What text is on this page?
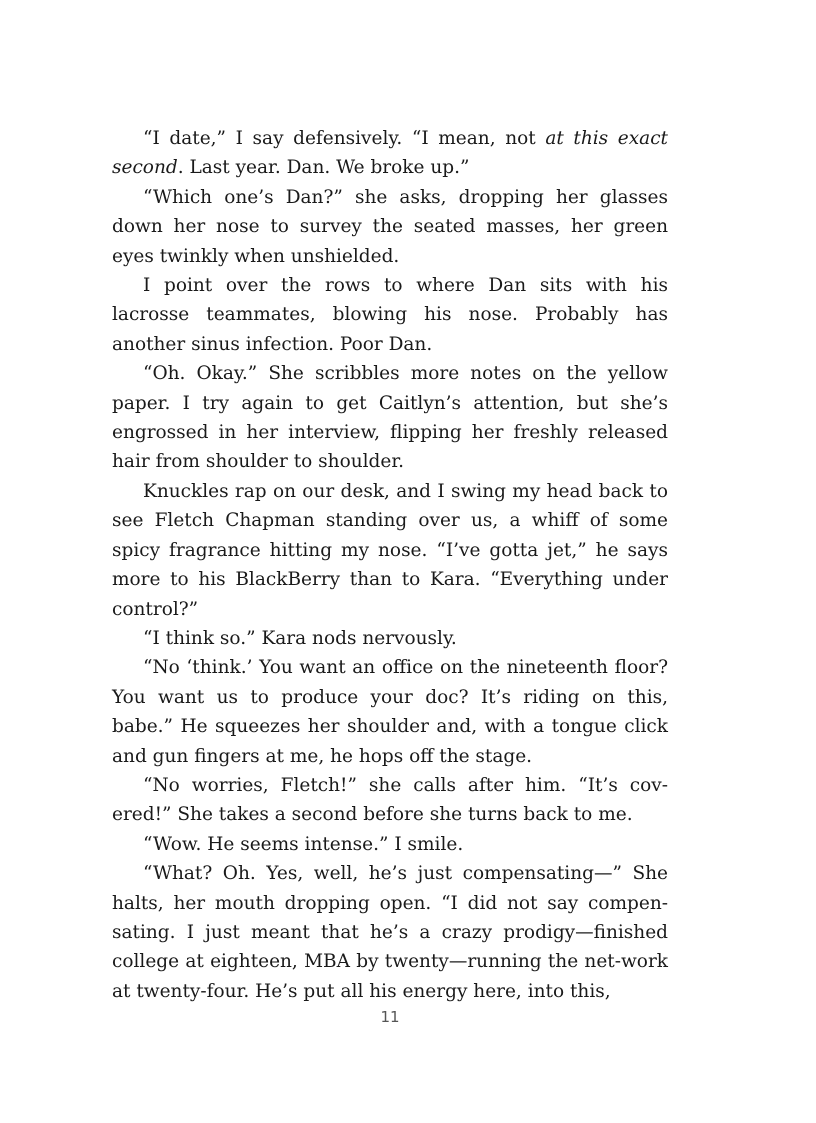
“I date,” I say defensively. “I mean, not at this exact second. Last year. Dan. We broke up.”

“Which one’s Dan?” she asks, dropping her glasses down her nose to survey the seated masses, her green eyes twinkly when unshielded.

I point over the rows to where Dan sits with his lacrosse teammates, blowing his nose. Probably has another sinus infection. Poor Dan.

“Oh. Okay.” She scribbles more notes on the yellow paper. I try again to get Caitlyn’s attention, but she’s engrossed in her interview, flipping her freshly released hair from shoulder to shoulder.

Knuckles rap on our desk, and I swing my head back to see Fletch Chapman standing over us, a whiff of some spicy fragrance hitting my nose. “I’ve gotta jet,” he says more to his BlackBerry than to Kara. “Everything under control?”

“I think so.” Kara nods nervously.

“No ‘think.’ You want an office on the nineteenth floor? You want us to produce your doc? It’s riding on this, babe.” He squeezes her shoulder and, with a tongue click and gun fingers at me, he hops off the stage.

“No worries, Fletch!” she calls after him. “It’s cov-ered!” She takes a second before she turns back to me.

“Wow. He seems intense.” I smile.

“What? Oh. Yes, well, he’s just compensating—” She halts, her mouth dropping open. “I did not say compen-sating. I just meant that he’s a crazy prodigy—finished college at eighteen, MBA by twenty—running the net-work at twenty-four. He’s put all his energy here, into this,

11
